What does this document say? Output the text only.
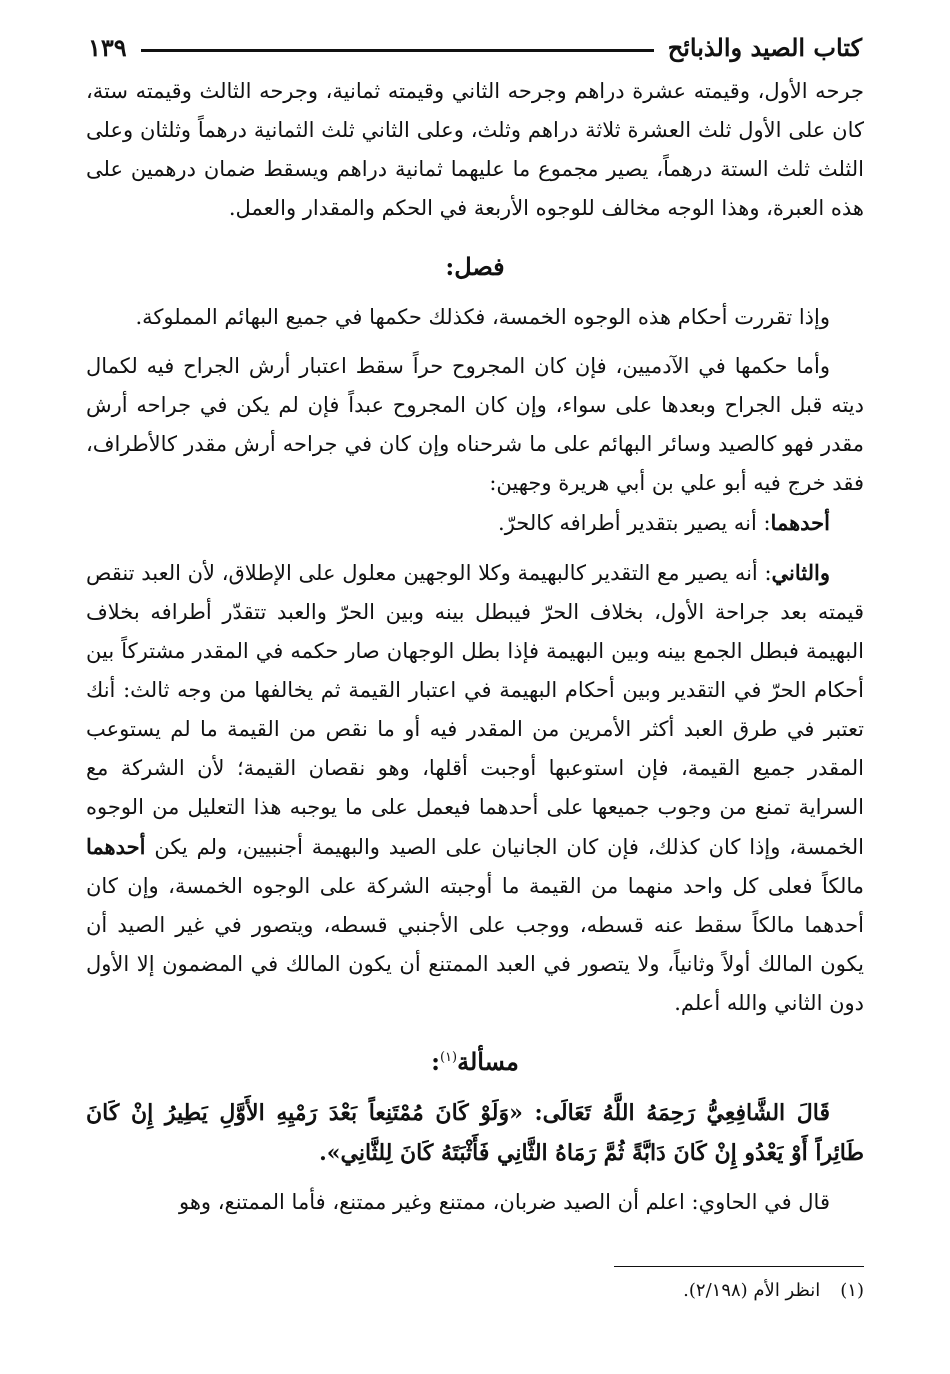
كتاب الصيد والذبائح
١٣٩

جرحه الأول، وقيمته عشرة دراهم وجرحه الثاني وقيمته ثمانية، وجرحه الثالث وقيمته ستة، كان على الأول ثلث العشرة ثلاثة دراهم وثلث، وعلى الثاني ثلث الثمانية درهماً وثلثان وعلى الثلث ثلث الستة درهماً، يصير مجموع ما عليهما ثمانية دراهم ويسقط ضمان درهمين على هذه العبرة، وهذا الوجه مخالف للوجوه الأربعة في الحكم والمقدار والعمل.

فصل:

وإذا تقررت أحكام هذه الوجوه الخمسة، فكذلك حكمها في جميع البهائم المملوكة.

وأما حكمها في الآدميين، فإن كان المجروح حراً سقط اعتبار أرش الجراح فيه لكمال ديته قبل الجراح وبعدها على سواء، وإن كان المجروح عبداً فإن لم يكن في جراحه أرش مقدر فهو كالصيد وسائر البهائم على ما شرحناه وإن كان في جراحه أرش مقدر كالأطراف، فقد خرج فيه أبو علي بن أبي هريرة وجهين:

أحدهما: أنه يصير بتقدير أطرافه كالحرّ.

والثاني: أنه يصير مع التقدير كالبهيمة وكلا الوجهين معلول على الإطلاق، لأن العبد تنقص قيمته بعد جراحة الأول، بخلاف الحرّ فيبطل بينه وبين الحرّ والعبد تتقدّر أطرافه بخلاف البهيمة فبطل الجمع بينه وبين البهيمة فإذا بطل الوجهان صار حكمه في المقدر مشتركاً بين أحكام الحرّ في التقدير وبين أحكام البهيمة في اعتبار القيمة ثم يخالفها من وجه ثالث: أنك تعتبر في طرق العبد أكثر الأمرين من المقدر فيه أو ما نقص من القيمة ما لم يستوعب المقدر جميع القيمة، فإن استوعبها أوجبت أقلها، وهو نقصان القيمة؛ لأن الشركة مع السراية تمنع من وجوب جميعها على أحدهما فيعمل على ما يوجبه هذا التعليل من الوجوه الخمسة، وإذا كان كذلك، فإن كان الجانيان على الصيد والبهيمة أجنبيين، ولم يكن أحدهما مالكاً فعلى كل واحد منهما من القيمة ما أوجبته الشركة على الوجوه الخمسة، وإن كان أحدهما مالكاً سقط عنه قسطه، ووجب على الأجنبي قسطه، ويتصور في غير الصيد أن يكون المالك أولاً وثانياً، ولا يتصور في العبد الممتنع أن يكون المالك في المضمون إلا الأول دون الثاني والله أعلم.

مسألة$^{(١)}$:

قَالَ الشَّافِعِيُّ رَحِمَهُ اللَّهُ تَعَالَى: «وَلَوْ كَانَ مُمْتَنِعاً بَعْدَ رَمْيِهِ الأَوَّلِ يَطِيرُ إِنْ كَانَ طَائِراً أَوْ يَعْدُو إِنْ كَانَ دَابَّةً ثُمَّ رَمَاهُ الثَّانِي فَأَثْبَتَهُ كَانَ لِلثَّانِي».

قال في الحاوي: اعلم أن الصيد ضربان، ممتنع وغير ممتنع، فأما الممتنع، وهو

(١)انظر الأم (٢/١٩٨).
